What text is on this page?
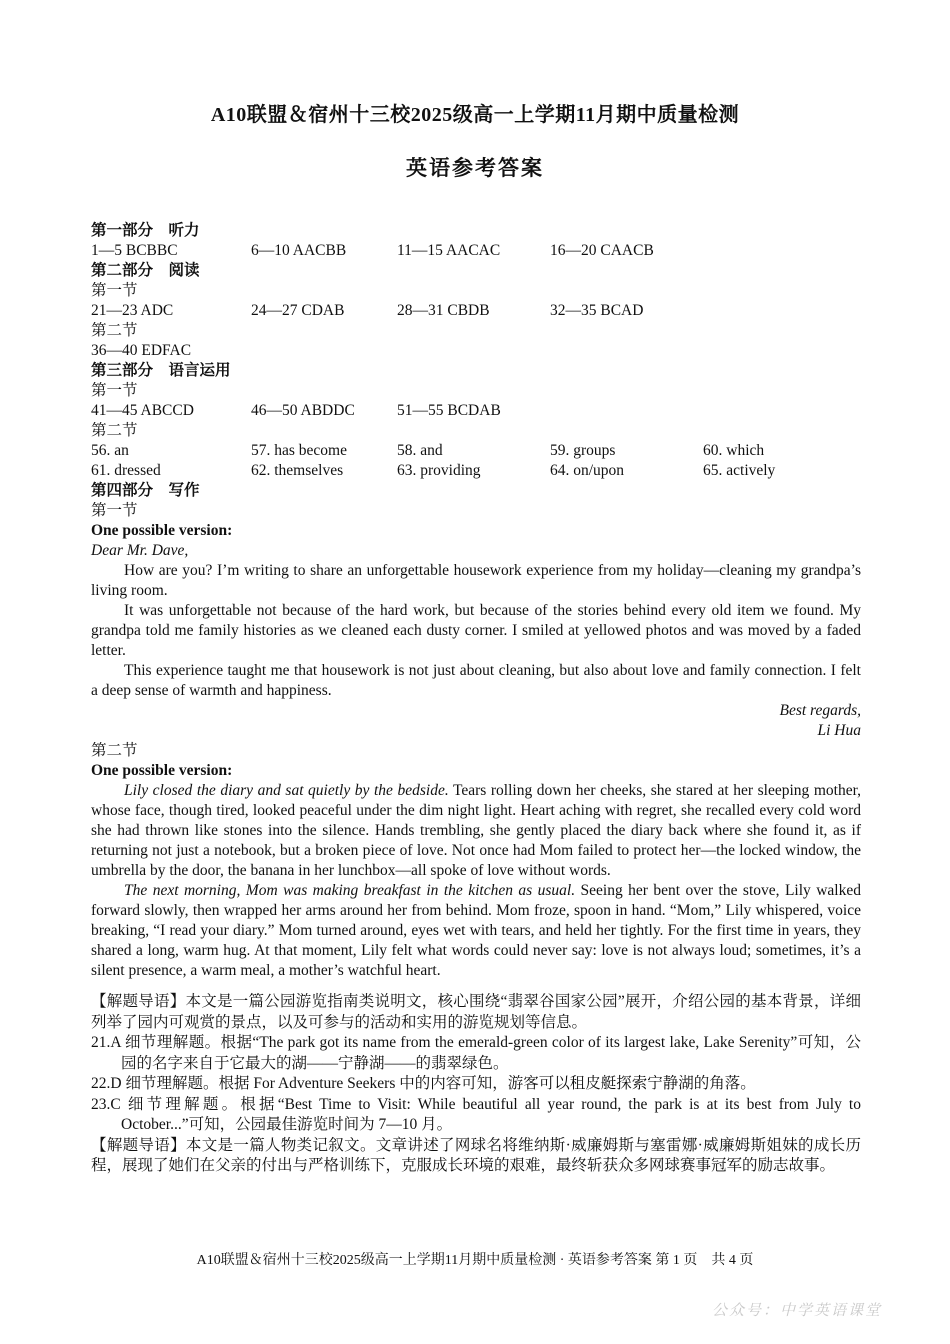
A10联盟＆宿州十三校2025级高一上学期11月期中质量检测
英语参考答案
第一部分　听力
1—5 BCBBC	6—10 AACBB	11—15 AACAC	16—20 CAACB
第二部分　阅读
第一节
21—23 ADC	24—27 CDAB	28—31 CBDB	32—35 BCAD
第二节
36—40 EDFAC
第三部分　语言运用
第一节
41—45 ABCCD	46—50 ABDDC	51—55 BCDAB
第二节
56. an	57. has become	58. and	59. groups	60. which
61. dressed	62. themselves	63. providing	64. on/upon	65. actively
第四部分　写作
第一节
One possible version:
Dear Mr. Dave,

How are you? I’m writing to share an unforgettable housework experience from my holiday—cleaning my grandpa’s living room.

It was unforgettable not because of the hard work, but because of the stories behind every old item we found. My grandpa told me family histories as we cleaned each dusty corner. I smiled at yellowed photos and was moved by a faded letter.

This experience taught me that housework is not just about cleaning, but also about love and family connection. I felt a deep sense of warmth and happiness.

Best regards,
Li Hua
第二节
One possible version:

Lily closed the diary and sat quietly by the bedside. Tears rolling down her cheeks, she stared at her sleeping mother, whose face, though tired, looked peaceful under the dim night light. Heart aching with regret, she recalled every cold word she had thrown like stones into the silence. Hands trembling, she gently placed the diary back where she found it, as if returning not just a notebook, but a broken piece of love. Not once had Mom failed to protect her—the locked window, the umbrella by the door, the banana in her lunchbox—all spoke of love without words.

The next morning, Mom was making breakfast in the kitchen as usual. Seeing her bent over the stove, Lily walked forward slowly, then wrapped her arms around her from behind. Mom froze, spoon in hand. “Mom,” Lily whispered, voice breaking, “I read your diary.” Mom turned around, eyes wet with tears, and held her tightly. For the first time in years, they shared a long, warm hug. At that moment, Lily felt what words could never say: love is not always loud; sometimes, it’s a silent presence, a warm meal, a mother’s watchful heart.

【解题导语】本文是一篇公园游览指南类说明文，核心围绕“翡翠谷国家公园”展开，介绍公园的基本背景，详细列举了园内可观赏的景点，以及可参与的活动和实用的游览规划等信息。

21.A 细节理解题。根据“The park got its name from the emerald-green color of its largest lake, Lake Serenity”可知，公园的名字来自于它最大的湖——宁静湖——的翡翠绿色。

22.D 细节理解题。根据 For Adventure Seekers 中的内容可知，游客可以租皮艇探索宁静湖的角落。

23.C 细节理解题。根据“Best Time to Visit: While beautiful all year round, the park is at its best from July to October...”可知，公园最佳游览时间为 7—10 月。

【解题导语】本文是一篇人物类记叙文。文章讲述了网球名将维纳斯·威廉姆斯与塞雷娜·威廉姆斯姐妹的成长历程，展现了她们在父亲的付出与严格训练下，克服成长环境的艰难，最终斩获众多网球赛事冠军的励志故事。

A10联盟＆宿州十三校2025级高一上学期11月期中质量检测 · 英语参考答案 第 1 页　共 4 页
公众号：中学英语课堂
